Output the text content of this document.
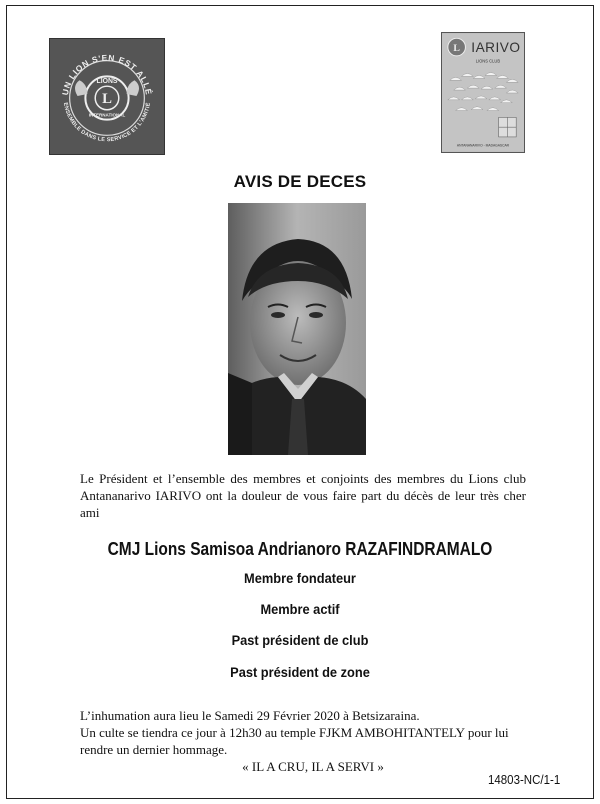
UN LION S'EN EST ALLÉ
ENSEMBLE DANS LE SERVICE ET L'AMITIÉ
L
LIONS
INTERNATIONAL
L IARIVO
LIONS CLUB
ANTANANARIVO - MADAGASCAR
AVIS DE DECES

Le Président et l’ensemble des membres et conjoints des membres du Lions club Antananarivo IARIVO ont la douleur de vous faire part du décès de leur très cher ami

CMJ Lions Samisoa Andrianoro RAZAFINDRAMALO
Membre fondateur
Membre actif
Past président de club
Past président de zone

L’inhumation aura lieu le Samedi 29 Février 2020 à Betsizaraina.

Un culte se tiendra ce jour à 12h30 au temple FJKM AMBOHITANTELY pour lui rendre un dernier hommage.

« IL A CRU, IL A SERVI »

14803-NC/1-1
